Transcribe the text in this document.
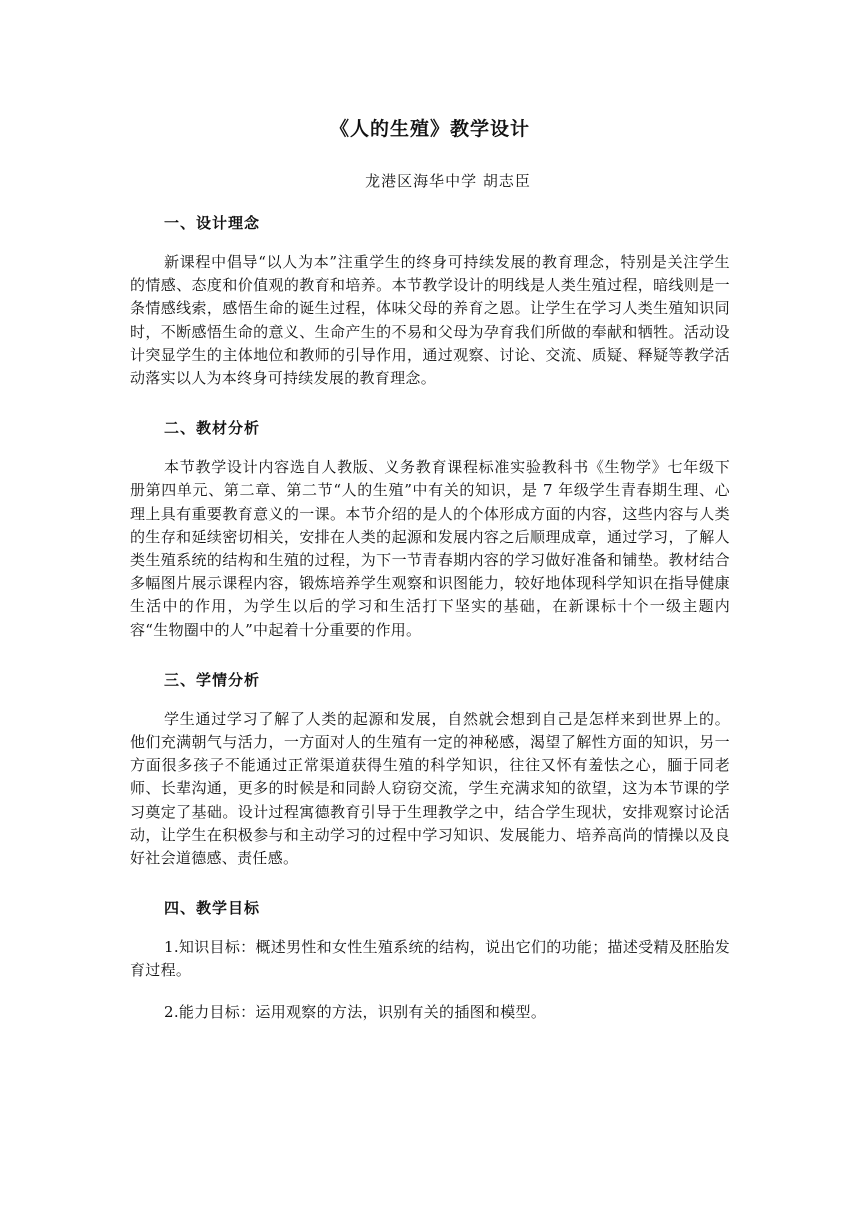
《人的生殖》教学设计
龙港区海华中学 胡志臣
一、设计理念

新课程中倡导“以人为本”注重学生的终身可持续发展的教育理念，特别是关注学生的情感、态度和价值观的教育和培养。本节教学设计的明线是人类生殖过程，暗线则是一条情感线索，感悟生命的诞生过程，体味父母的养育之恩。让学生在学习人类生殖知识同时，不断感悟生命的意义、生命产生的不易和父母为孕育我们所做的奉献和牺牲。活动设计突显学生的主体地位和教师的引导作用，通过观察、讨论、交流、质疑、释疑等教学活动落实以人为本终身可持续发展的教育理念。

二、教材分析

本节教学设计内容选自人教版、义务教育课程标准实验教科书《生物学》七年级下册第四单元、第二章、第二节“人的生殖”中有关的知识，是 7 年级学生青春期生理、心理上具有重要教育意义的一课。本节介绍的是人的个体形成方面的内容，这些内容与人类的生存和延续密切相关，安排在人类的起源和发展内容之后顺理成章，通过学习，了解人类生殖系统的结构和生殖的过程，为下一节青春期内容的学习做好准备和铺垫。教材结合多幅图片展示课程内容，锻炼培养学生观察和识图能力，较好地体现科学知识在指导健康生活中的作用，为学生以后的学习和生活打下坚实的基础，在新课标十个一级主题内容“生物圈中的人”中起着十分重要的作用。

三、学情分析

学生通过学习了解了人类的起源和发展，自然就会想到自己是怎样来到世界上的。他们充满朝气与活力，一方面对人的生殖有一定的神秘感，渴望了解性方面的知识，另一方面很多孩子不能通过正常渠道获得生殖的科学知识，往往又怀有羞怯之心，腼于同老师、长辈沟通，更多的时候是和同龄人窃窃交流，学生充满求知的欲望，这为本节课的学习奠定了基础。设计过程寓德教育引导于生理教学之中，结合学生现状，安排观察讨论活动，让学生在积极参与和主动学习的过程中学习知识、发展能力、培养高尚的情操以及良好社会道德感、责任感。

四、教学目标

1.知识目标：概述男性和女性生殖系统的结构，说出它们的功能；描述受精及胚胎发育过程。

2.能力目标：运用观察的方法，识别有关的插图和模型。
